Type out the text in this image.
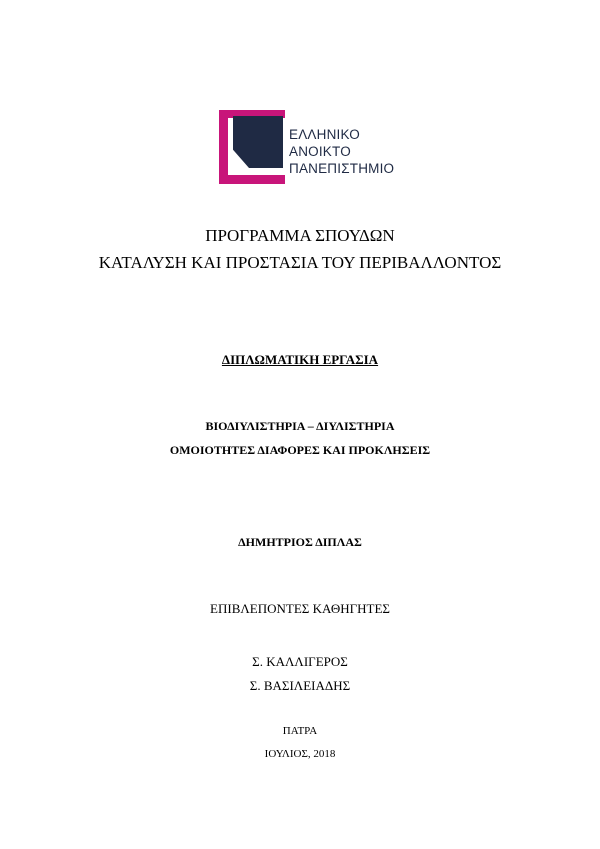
ΕΛΛΗΝΙΚΟ
ΑΝΟΙΚΤΟ
ΠΑΝΕΠΙΣΤΗΜΙΟ
ΠΡΟΓΡΑΜΜΑ ΣΠΟΥΔΩΝ
ΚΑΤΑΛΥΣΗ ΚΑΙ ΠΡΟΣΤΑΣΙΑ ΤΟΥ ΠΕΡΙΒΑΛΛΟΝΤΟΣ
ΔΙΠΛΩΜΑΤΙΚΗ ΕΡΓΑΣΙΑ
ΒΙΟΔΙΥΛΙΣΤΗΡΙΑ – ΔΙΥΛΙΣΤΗΡΙΑ
ΟΜΟΙΟΤΗΤΕΣ ΔΙΑΦΟΡΕΣ ΚΑΙ ΠΡΟΚΛΗΣΕΙΣ
ΔΗΜΗΤΡΙΟΣ ΔΙΠΛΑΣ
ΕΠΙΒΛΕΠΟΝΤΕΣ ΚΑΘΗΓΗΤΕΣ
Σ. ΚΑΛΛΙΓΕΡΟΣ
Σ. ΒΑΣΙΛΕΙΑΔΗΣ
ΠΑΤΡΑ
ΙΟΥΛΙΟΣ, 2018
